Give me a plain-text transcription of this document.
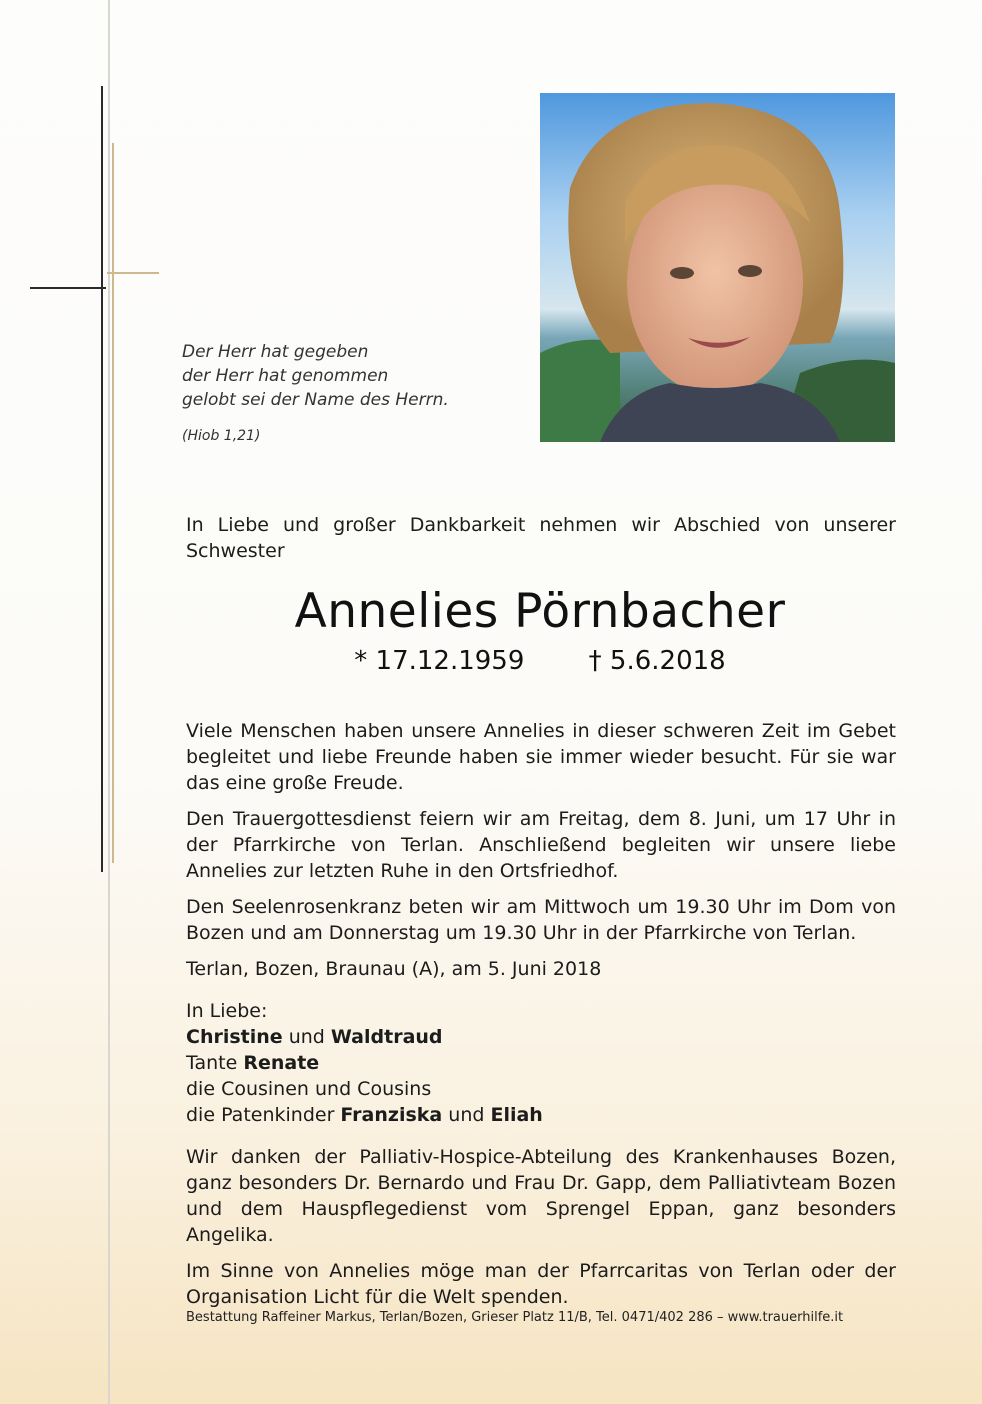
Der Herr hat gegeben
der Herr hat genommen
gelobt sei der Name des Herrn.
(Hiob 1,21)
In Liebe und großer Dankbarkeit nehmen wir Abschied von unserer Schwester
Annelies Pörnbacher
* 17.12.1959 † 5.6.2018

Viele Menschen haben unsere Annelies in dieser schweren Zeit im Gebet begleitet und liebe Freunde haben sie immer wieder besucht. Für sie war das eine große Freude.

Den Trauergottesdienst feiern wir am Freitag, dem 8. Juni, um 17 Uhr in der Pfarrkirche von Terlan. Anschließend begleiten wir unsere liebe Annelies zur letzten Ruhe in den Ortsfriedhof.

Den Seelenrosenkranz beten wir am Mittwoch um 19.30 Uhr im Dom von Bozen und am Donnerstag um 19.30 Uhr in der Pfarrkirche von Terlan.

Terlan, Bozen, Braunau (A), am 5. Juni 2018

In Liebe:
Christine und Waldtraud
Tante Renate
die Cousinen und Cousins
die Patenkinder Franziska und Eliah

Wir danken der Palliativ-Hospice-Abteilung des Krankenhauses Bozen, ganz besonders Dr. Bernardo und Frau Dr. Gapp, dem Palliativteam Bozen und dem Hauspflegedienst vom Sprengel Eppan, ganz besonders Angelika.

Im Sinne von Annelies möge man der Pfarrcaritas von Terlan oder der Organisation Licht für die Welt spenden.

Bestattung Raffeiner Markus, Terlan/Bozen, Grieser Platz 11/B, Tel. 0471/402 286 – www.trauerhilfe.it
